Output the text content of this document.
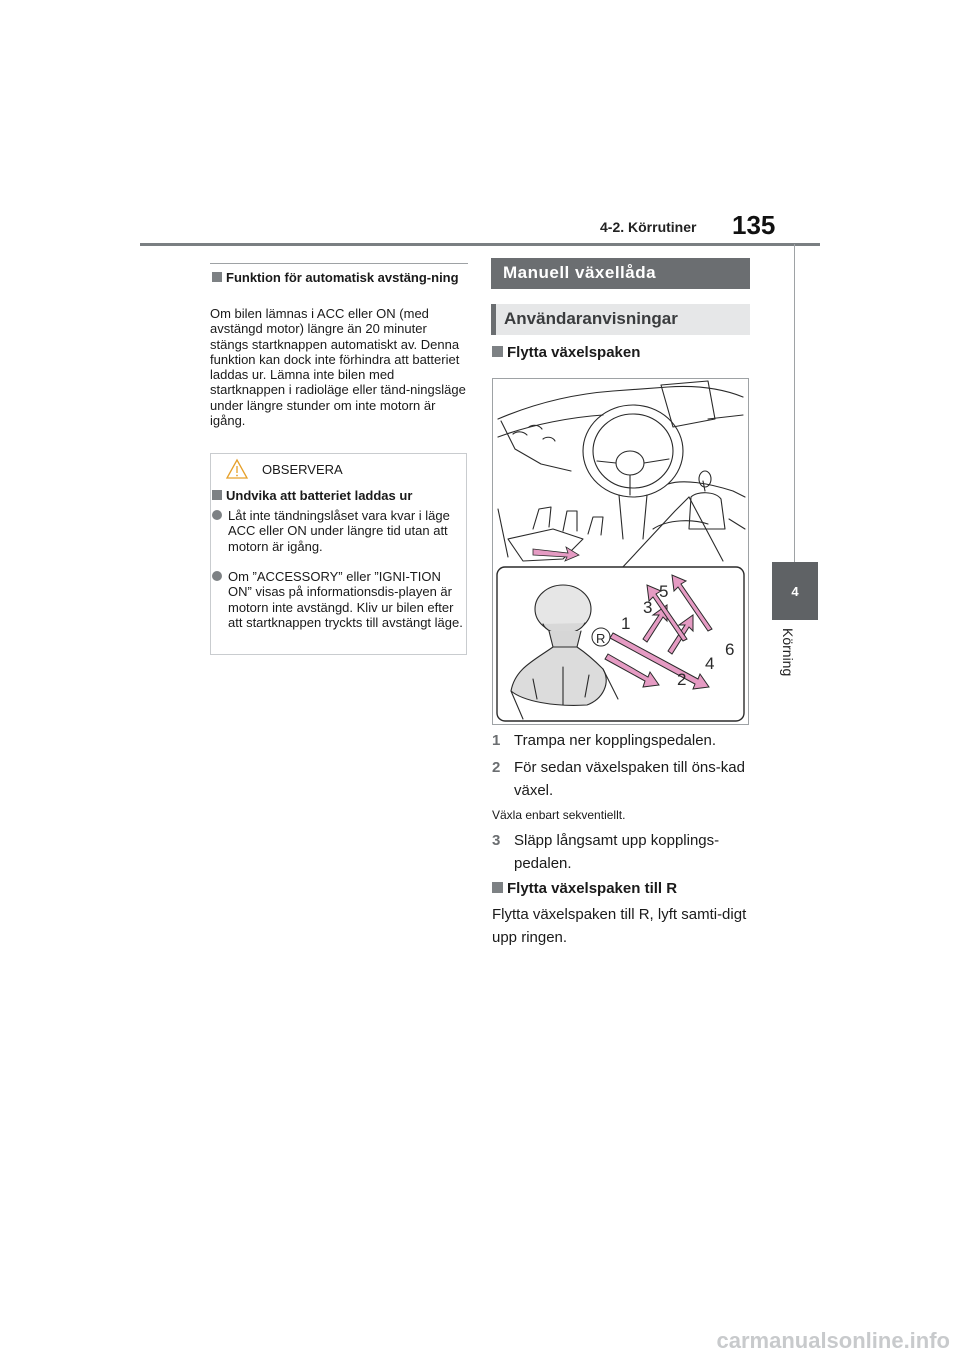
4-2. Körrutiner 135
4
Körning
Funktion för automatisk avstäng-ning
Om bilen lämnas i ACC eller ON (med avstängd motor) längre än 20 minuter stängs startknappen automatiskt av. Denna funktion kan dock inte förhindra att batteriet laddas ur. Lämna inte bilen med startknappen i radioläge eller tänd-ningsläge under längre stunder om inte motorn är igång.
OBSERVERA
Undvika att batteriet laddas ur
Låt inte tändningslåset vara kvar i läge ACC eller ON under längre tid utan att motorn är igång.
Om ”ACCESSORY” eller ”IGNI-TION ON” visas på informationsdis-playen är motorn inte avstängd. Kliv ur bilen efter att startknappen tryckts till avstängt läge.
Manuell växellåda
Användaranvisningar
Flytta växelspaken
R
1
3
5
2
4
6
1 Trampa ner kopplingspedalen.
2 För sedan växelspaken till öns-kad växel.
Växla enbart sekventiellt.
3 Släpp långsamt upp kopplings-pedalen.
Flytta växelspaken till R
Flytta växelspaken till R, lyft samti-digt upp ringen.
carmanualsonline.info
